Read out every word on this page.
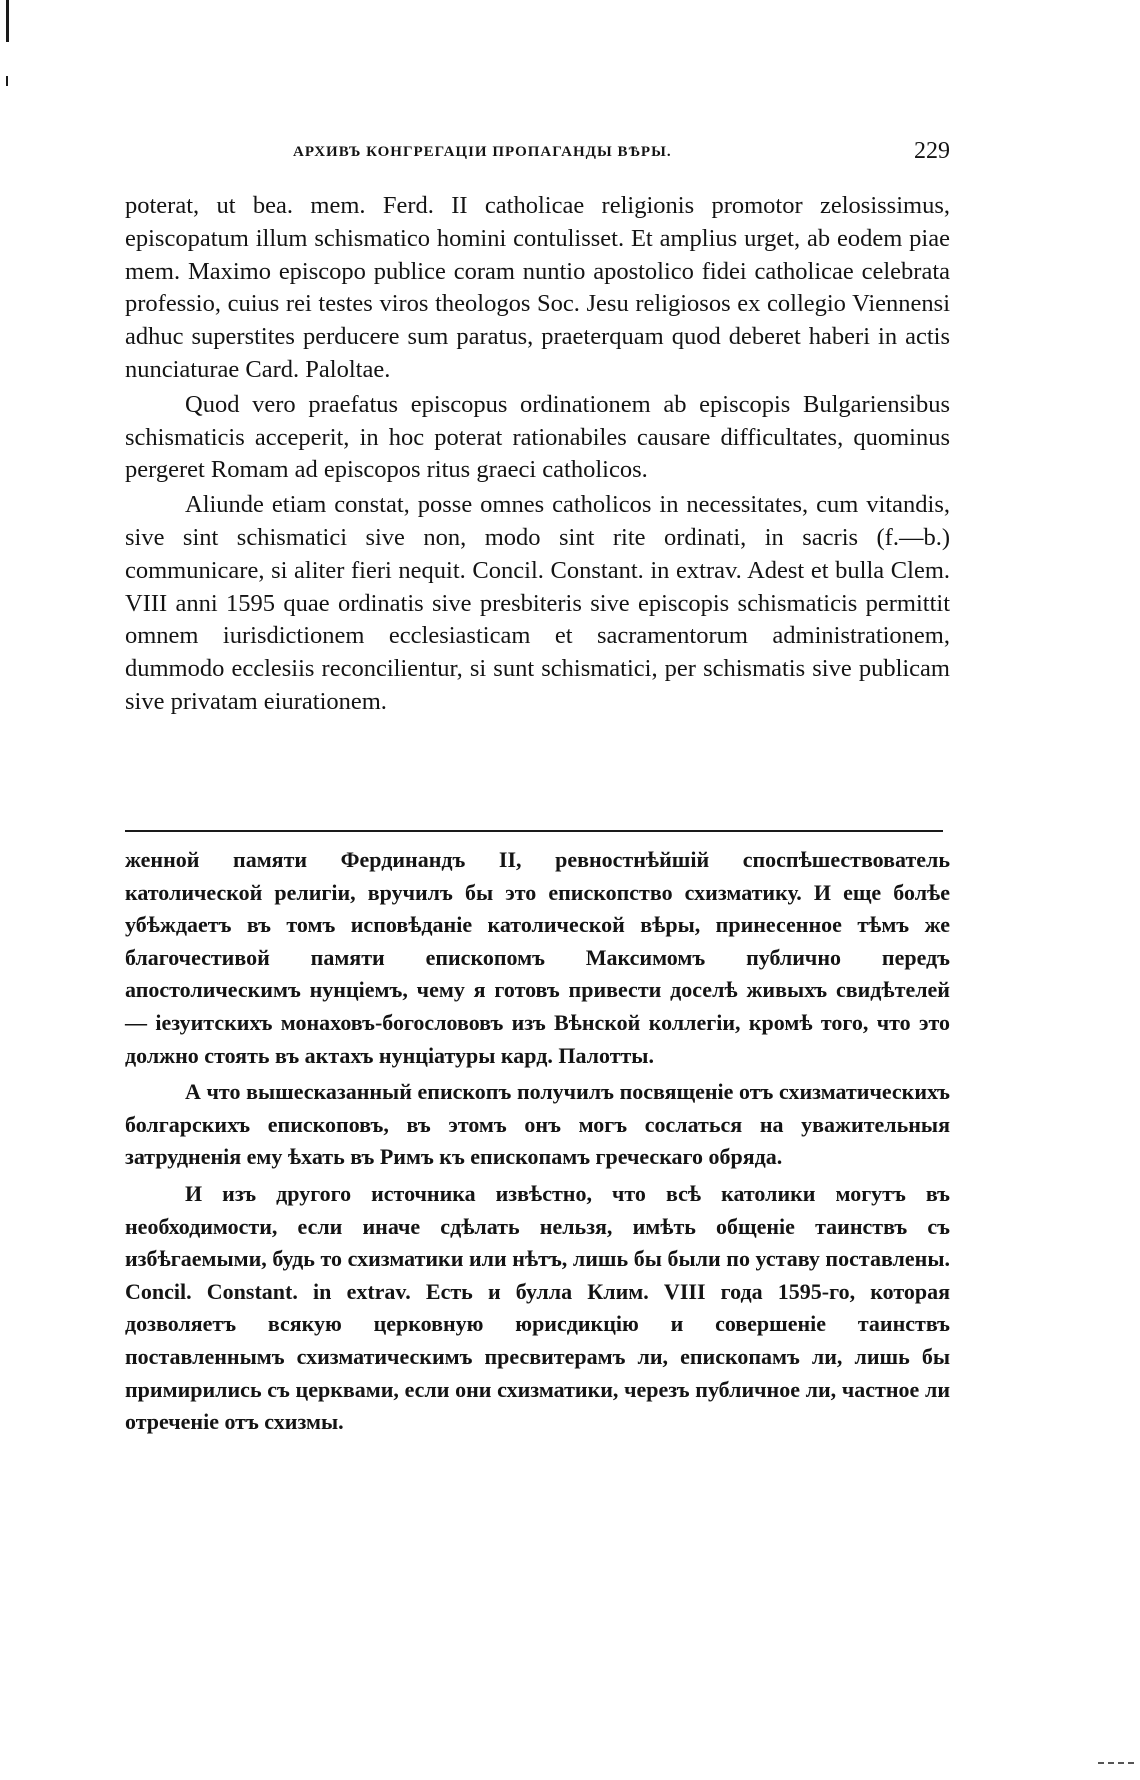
АРХИВЪ КОНГРЕГАЦІИ ПРОПАГАНДЫ ВѢРЫ.	229

poterat, ut bea. mem. Ferd. II catholicae religionis promotor zelosissimus, episcopatum illum schismatico homini contulisset. Et amplius urget, ab eodem piae mem. Maximo episcopo publice coram nuntio apostolico fidei catholicae celebrata professio, cuius rei testes viros theologos Soc. Jesu religiosos ex collegio Viennensi adhuc superstites perducere sum paratus, praeterquam quod deberet haberi in actis nunciaturae Card. Paloltae.

Quod vero praefatus episcopus ordinationem ab episcopis Bulgariensibus schismaticis acceperit, in hoc poterat rationabiles causare difficultates, quominus pergeret Romam ad episcopos ritus graeci catholicos.

Aliunde etiam constat, posse omnes catholicos in necessitates, cum vitandis, sive sint schismatici sive non, modo sint rite ordinati, in sacris (f.—b.) communicare, si aliter fieri nequit. Concil. Constant. in extrav. Adest et bulla Clem. VIII anni 1595 quae ordinatis sive presbiteris sive episcopis schismaticis permittit omnem iurisdictionem ecclesiasticam et sacramentorum administrationem, dummodo ecclesiis reconcilientur, si sunt schismatici, per schismatis sive publicam sive privatam eiurationem.

женной памяти Фердинандъ II, ревностнѣйшій споспѣшествователь католической религіи, вручилъ бы это епископство схизматику. И еще болѣе убѣждаетъ въ томъ исповѣданіе католической вѣры, принесенное тѣмъ же благочестивой памяти епископомъ Максимомъ публично передъ апостолическимъ нунціемъ, чему я готовъ привести доселѣ живыхъ свидѣтелей — іезуитскихъ монаховъ-богослововъ изъ Вѣнской коллегіи, кромѣ того, что это должно стоять въ актахъ нунціатуры кард. Палотты.

А что вышесказанный епископъ получилъ посвященіе отъ схизматическихъ болгарскихъ епископовъ, въ этомъ онъ могъ сослаться на уважительныя затрудненія ему ѣхать въ Римъ къ епископамъ греческаго обряда.

И изъ другого источника извѣстно, что всѣ католики могутъ въ необходимости, если иначе сдѣлать нельзя, имѣть общеніе таинствъ съ избѣгаемыми, будь то схизматики или нѣтъ, лишь бы были по уставу поставлены. Concil. Constant. in extrav. Есть и булла Клим. VIII года 1595-го, которая дозволяетъ всякую церковную юрисдикцію и совершеніе таинствъ поставленнымъ схизматическимъ пресвитерамъ ли, епископамъ ли, лишь бы примирились съ церквами, если они схизматики, черезъ публичное ли, частное ли отреченіе отъ схизмы.
